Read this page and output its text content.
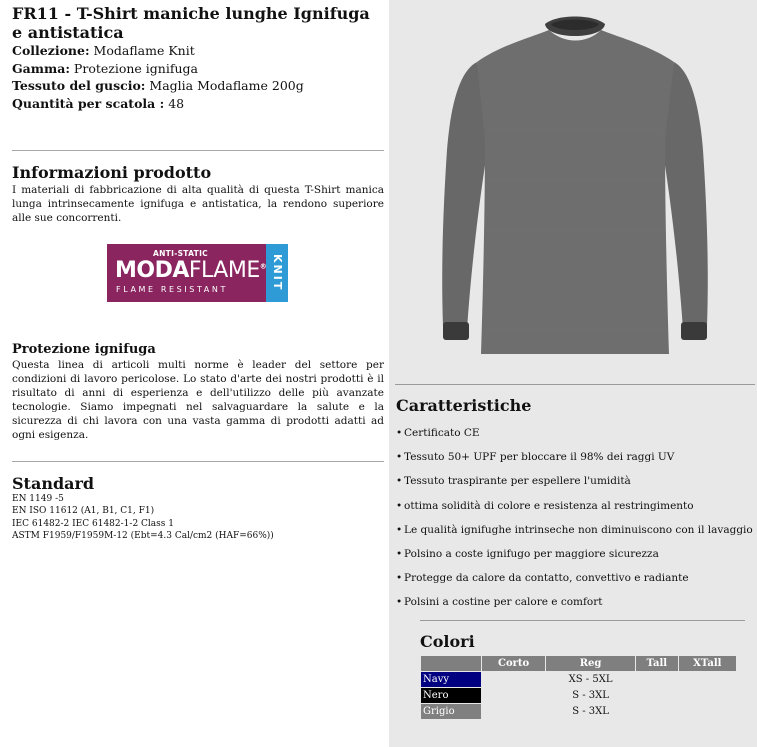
FR11 - T-Shirt maniche lunghe Ignifuga e antistatica
Collezione: Modaflame Knit
Gamma: Protezione ignifuga
Tessuto del guscio: Maglia Modaflame 200g
Quantità per scatola : 48
Informazioni prodotto
I materiali di fabbricazione di alta qualità di questa T-Shirt manica lunga intrinsecamente ignifuga e antistatica, la rendono superiore alle sue concorrenti.
ANTI-STATIC
MODAFLAME®
FLAME RESISTANT	KNIT
Protezione ignifuga
Questa linea di articoli multi norme è leader del settore per condizioni di lavoro pericolose. Lo stato d'arte dei nostri prodotti è il risultato di anni di esperienza e dell'utilizzo delle più avanzate tecnologie. Siamo impegnati nel salvaguardare la salute e la sicurezza di chi lavora con una vasta gamma di prodotti adatti ad ogni esigenza.
Standard
EN 1149 -5
EN ISO 11612 (A1, B1, C1, F1)
IEC 61482-2 IEC 61482-1-2 Class 1
ASTM F1959/F1959M-12 (Ebt=4.3 Cal/cm2 (HAF=66%))
Caratteristiche
• Certificato CE
• Tessuto 50+ UPF per bloccare il 98% dei raggi UV
• Tessuto traspirante per espellere l'umidità
• ottima solidità di colore e resistenza al restringimento
• Le qualità ignifughe intrinseche non diminuiscono con il lavaggio
• Polsino a coste ignifugo per maggiore sicurezza
• Protegge da calore da contatto, convettivo e radiante
• Polsini a costine per calore e comfort
Colori
	Corto	Reg	Tall	XTall
Navy		XS - 5XL		
Nero		S - 3XL		
Grigio		S - 3XL		
